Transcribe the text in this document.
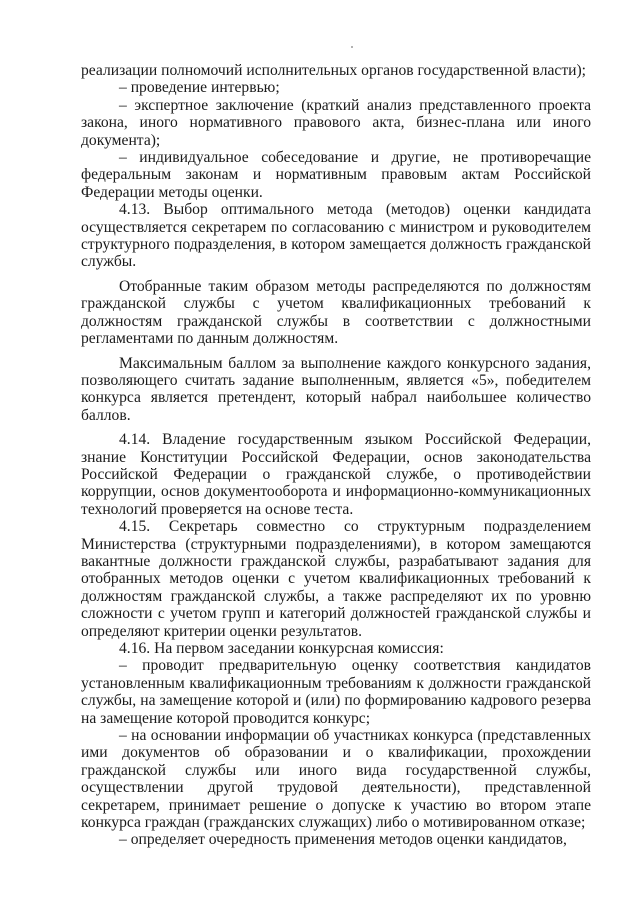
реализации полномочий исполнительных органов государственной власти);

– проведение интервью;

– экспертное заключение (краткий анализ представленного проекта закона, иного нормативного правового акта, бизнес-плана или иного документа);

– индивидуальное собеседование и другие, не противоречащие федеральным законам и нормативным правовым актам Российской Федерации методы оценки.

4.13. Выбор оптимального метода (методов) оценки кандидата осуществляется секретарем по согласованию с министром и руководителем структурного подразделения, в котором замещается должность гражданской службы.

Отобранные таким образом методы распределяются по должностям гражданской службы с учетом квалификационных требований к должностям гражданской службы в соответствии с должностными регламентами по данным должностям.

Максимальным баллом за выполнение каждого конкурсного задания, позволяющего считать задание выполненным, является «5», победителем конкурса является претендент, который набрал наибольшее количество баллов.

4.14. Владение государственным языком Российской Федерации, знание Конституции Российской Федерации, основ законодательства Российской Федерации о гражданской службе, о противодействии коррупции, основ документооборота и информационно-коммуникационных технологий проверяется на основе теста.

4.15. Секретарь совместно со структурным подразделением Министерства (структурными подразделениями), в котором замещаются вакантные должности гражданской службы, разрабатывают задания для отобранных методов оценки с учетом квалификационных требований к должностям гражданской службы, а также распределяют их по уровню сложности с учетом групп и категорий должностей гражданской службы и определяют критерии оценки результатов.

4.16. На первом заседании конкурсная комиссия:

– проводит предварительную оценку соответствия кандидатов установленным квалификационным требованиям к должности гражданской службы, на замещение которой и (или) по формированию кадрового резерва на замещение которой проводится конкурс;

– на основании информации об участниках конкурса (представленных ими документов об образовании и о квалификации, прохождении гражданской службы или иного вида государственной службы, осуществлении другой трудовой деятельности), представленной секретарем, принимает решение о допуске к участию во втором этапе конкурса граждан (гражданских служащих) либо о мотивированном отказе;

– определяет очередность применения методов оценки кандидатов,
